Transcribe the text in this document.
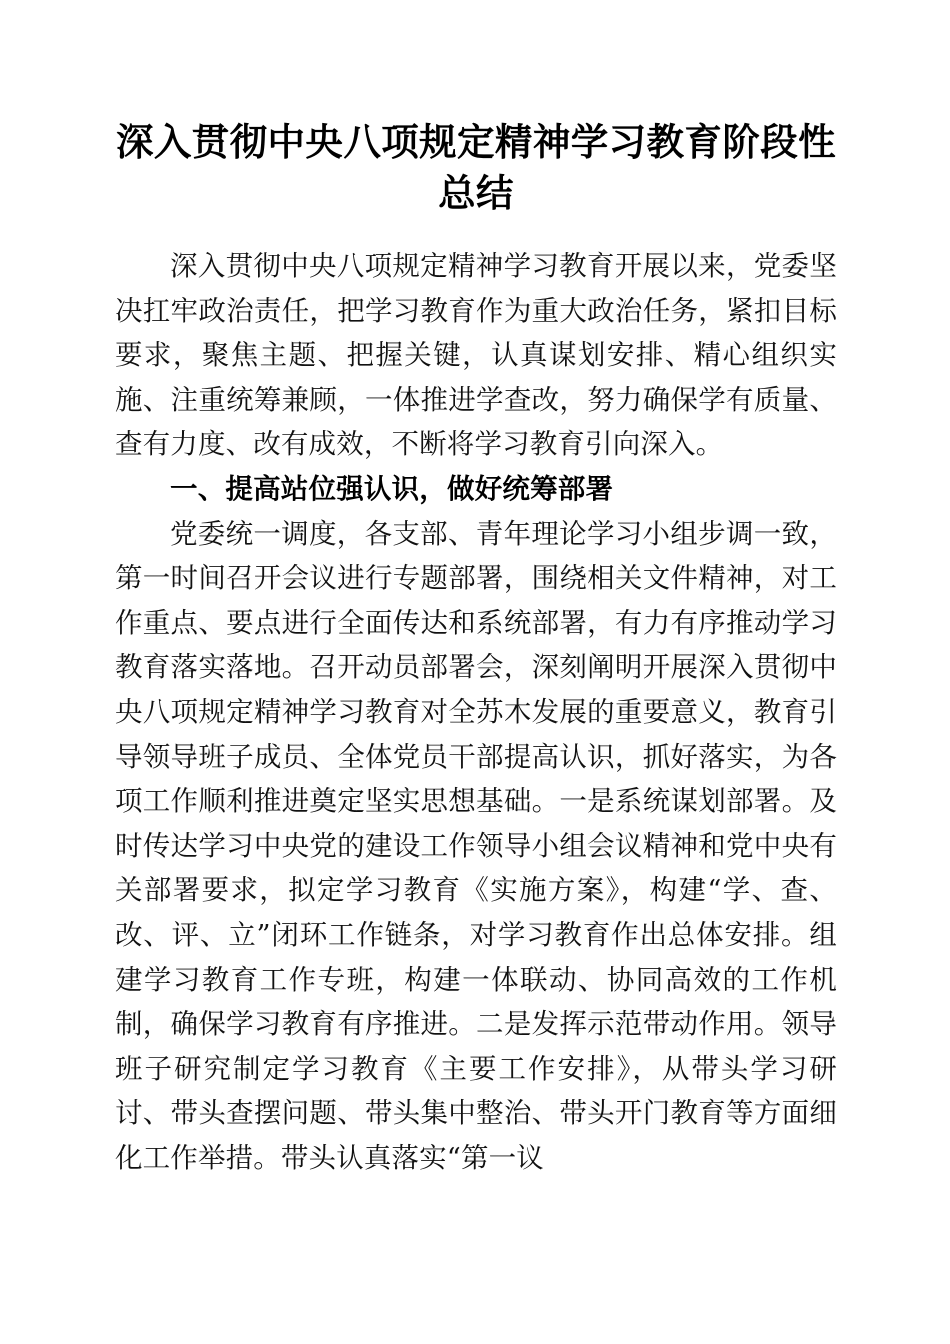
深入贯彻中央八项规定精神学习教育阶段性总结

深入贯彻中央八项规定精神学习教育开展以来，党委坚决扛牢政治责任，把学习教育作为重大政治任务，紧扣目标要求，聚焦主题、把握关键，认真谋划安排、精心组织实施、注重统筹兼顾，一体推进学查改，努力确保学有质量、查有力度、改有成效，不断将学习教育引向深入。

一、提高站位强认识，做好统筹部署

党委统一调度，各支部、青年理论学习小组步调一致，第一时间召开会议进行专题部署，围绕相关文件精神，对工作重点、要点进行全面传达和系统部署，有力有序推动学习教育落实落地。召开动员部署会，深刻阐明开展深入贯彻中央八项规定精神学习教育对全苏木发展的重要意义，教育引导领导班子成员、全体党员干部提高认识，抓好落实，为各项工作顺利推进奠定坚实思想基础。一是系统谋划部署。及时传达学习中央党的建设工作领导小组会议精神和党中央有关部署要求，拟定学习教育《实施方案》，构建“学、查、改、评、立”闭环工作链条，对学习教育作出总体安排。组建学习教育工作专班，构建一体联动、协同高效的工作机制，确保学习教育有序推进。二是发挥示范带动作用。领导班子研究制定学习教育《主要工作安排》，从带头学习研讨、带头查摆问题、带头集中整治、带头开门教育等方面细化工作举措。带头认真落实“第一议
